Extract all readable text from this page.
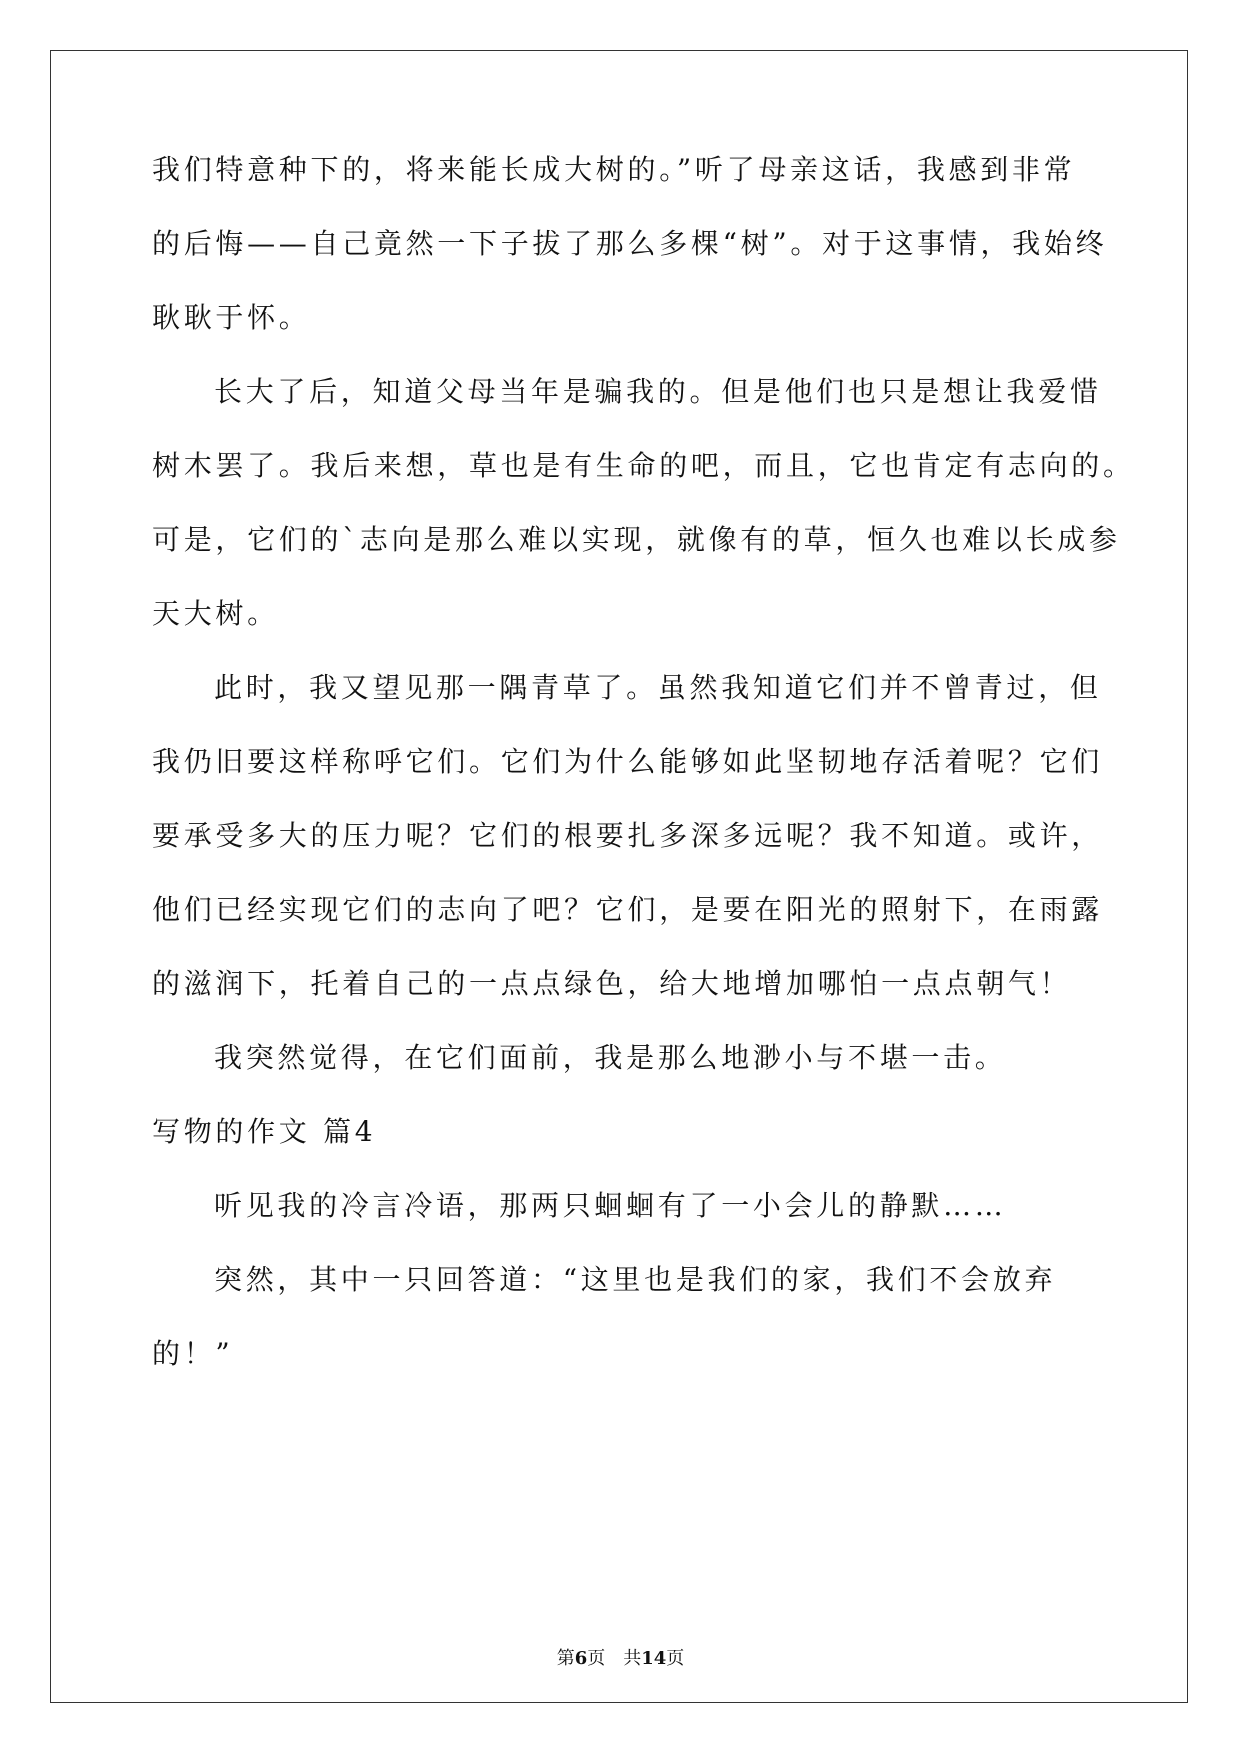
我们特意种下的，将来能长成大树的。”听了母亲这话，我感到非常
的后悔——自己竟然一下子拔了那么多棵“树”。对于这事情，我始终
耿耿于怀。
长大了后，知道父母当年是骗我的。但是他们也只是想让我爱惜
树木罢了。我后来想，草也是有生命的吧，而且，它也肯定有志向的。
可是，它们的`志向是那么难以实现，就像有的草，恒久也难以长成参
天大树。
此时，我又望见那一隅青草了。虽然我知道它们并不曾青过，但
我仍旧要这样称呼它们。它们为什么能够如此坚韧地存活着呢？它们
要承受多大的压力呢？它们的根要扎多深多远呢？我不知道。或许，
他们已经实现它们的志向了吧？它们，是要在阳光的照射下，在雨露
的滋润下，托着自己的一点点绿色，给大地增加哪怕一点点朝气！
我突然觉得，在它们面前，我是那么地渺小与不堪一击。
写物的作文 篇4
听见我的冷言冷语，那两只蛔蛔有了一小会儿的静默……
突然，其中一只回答道：“这里也是我们的家，我们不会放弃
的！”
第6页　共14页
